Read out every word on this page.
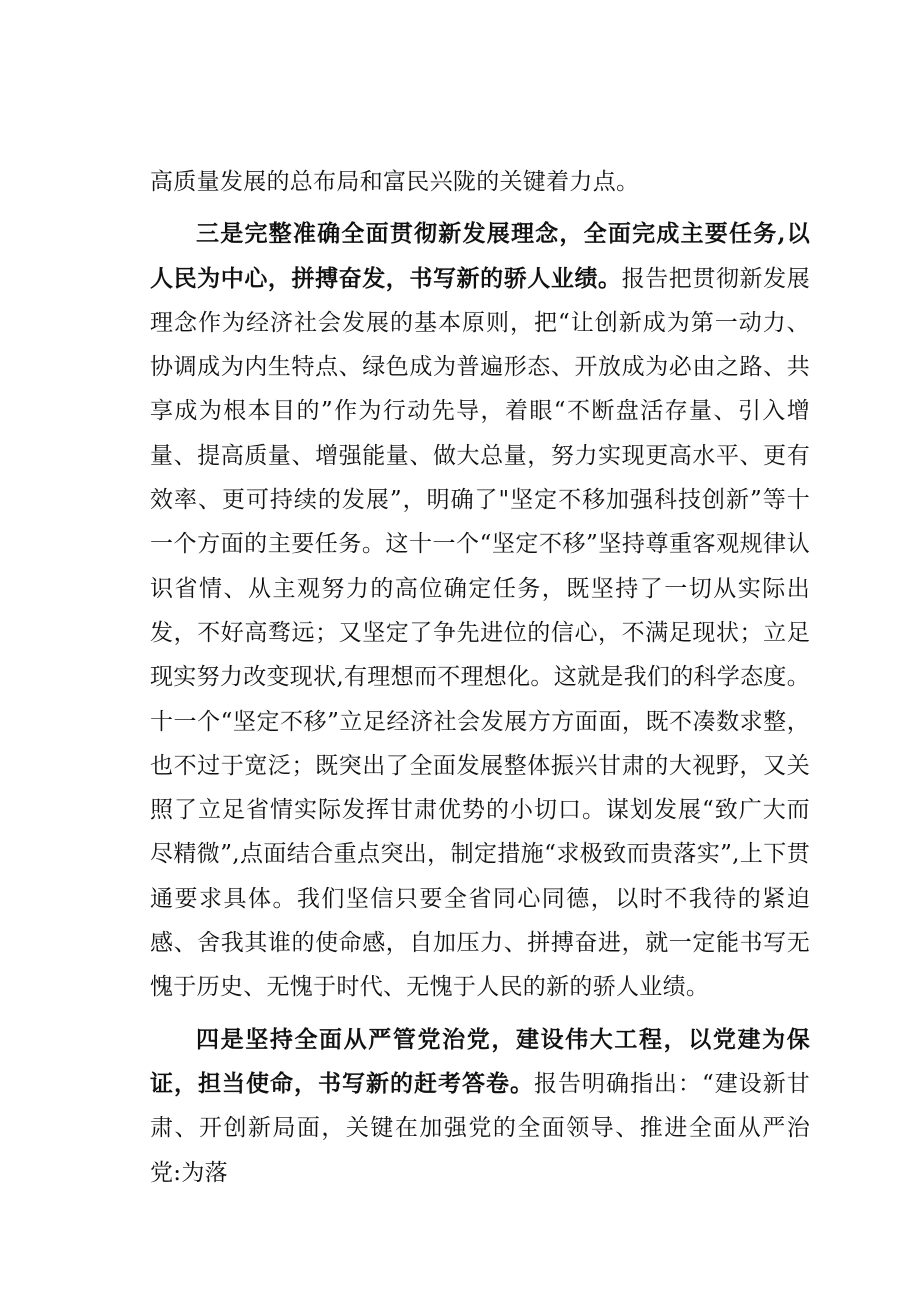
高质量发展的总布局和富民兴陇的关键着力点。

三是完整准确全面贯彻新发展理念，全面完成主要任务,以人民为中心，拼搏奋发，书写新的骄人业绩。报告把贯彻新发展理念作为经济社会发展的基本原则，把“让创新成为第一动力、协调成为内生特点、绿色成为普遍形态、开放成为必由之路、共享成为根本目的”作为行动先导，着眼“不断盘活存量、引入增量、提高质量、增强能量、做大总量，努力实现更高水平、更有效率、更可持续的发展”，明确了"坚定不移加强科技创新”等十一个方面的主要任务。这十一个“坚定不移”坚持尊重客观规律认识省情、从主观努力的高位确定任务，既坚持了一切从实际出发，不好高骛远；又坚定了争先进位的信心，不满足现状；立足现实努力改变现状,有理想而不理想化。这就是我们的科学态度。十一个“坚定不移”立足经济社会发展方方面面，既不凑数求整，也不过于宽泛；既突出了全面发展整体振兴甘肃的大视野，又关照了立足省情实际发挥甘肃优势的小切口。谋划发展“致广大而尽精微”,点面结合重点突出，制定措施“求极致而贵落实”,上下贯通要求具体。我们坚信只要全省同心同德，以时不我待的紧迫感、舍我其谁的使命感，自加压力、拼搏奋进，就一定能书写无愧于历史、无愧于时代、无愧于人民的新的骄人业绩。

四是坚持全面从严管党治党，建设伟大工程，以党建为保证，担当使命，书写新的赶考答卷。报告明确指出：“建设新甘肃、开创新局面，关键在加强党的全面领导、推进全面从严治党:为落
